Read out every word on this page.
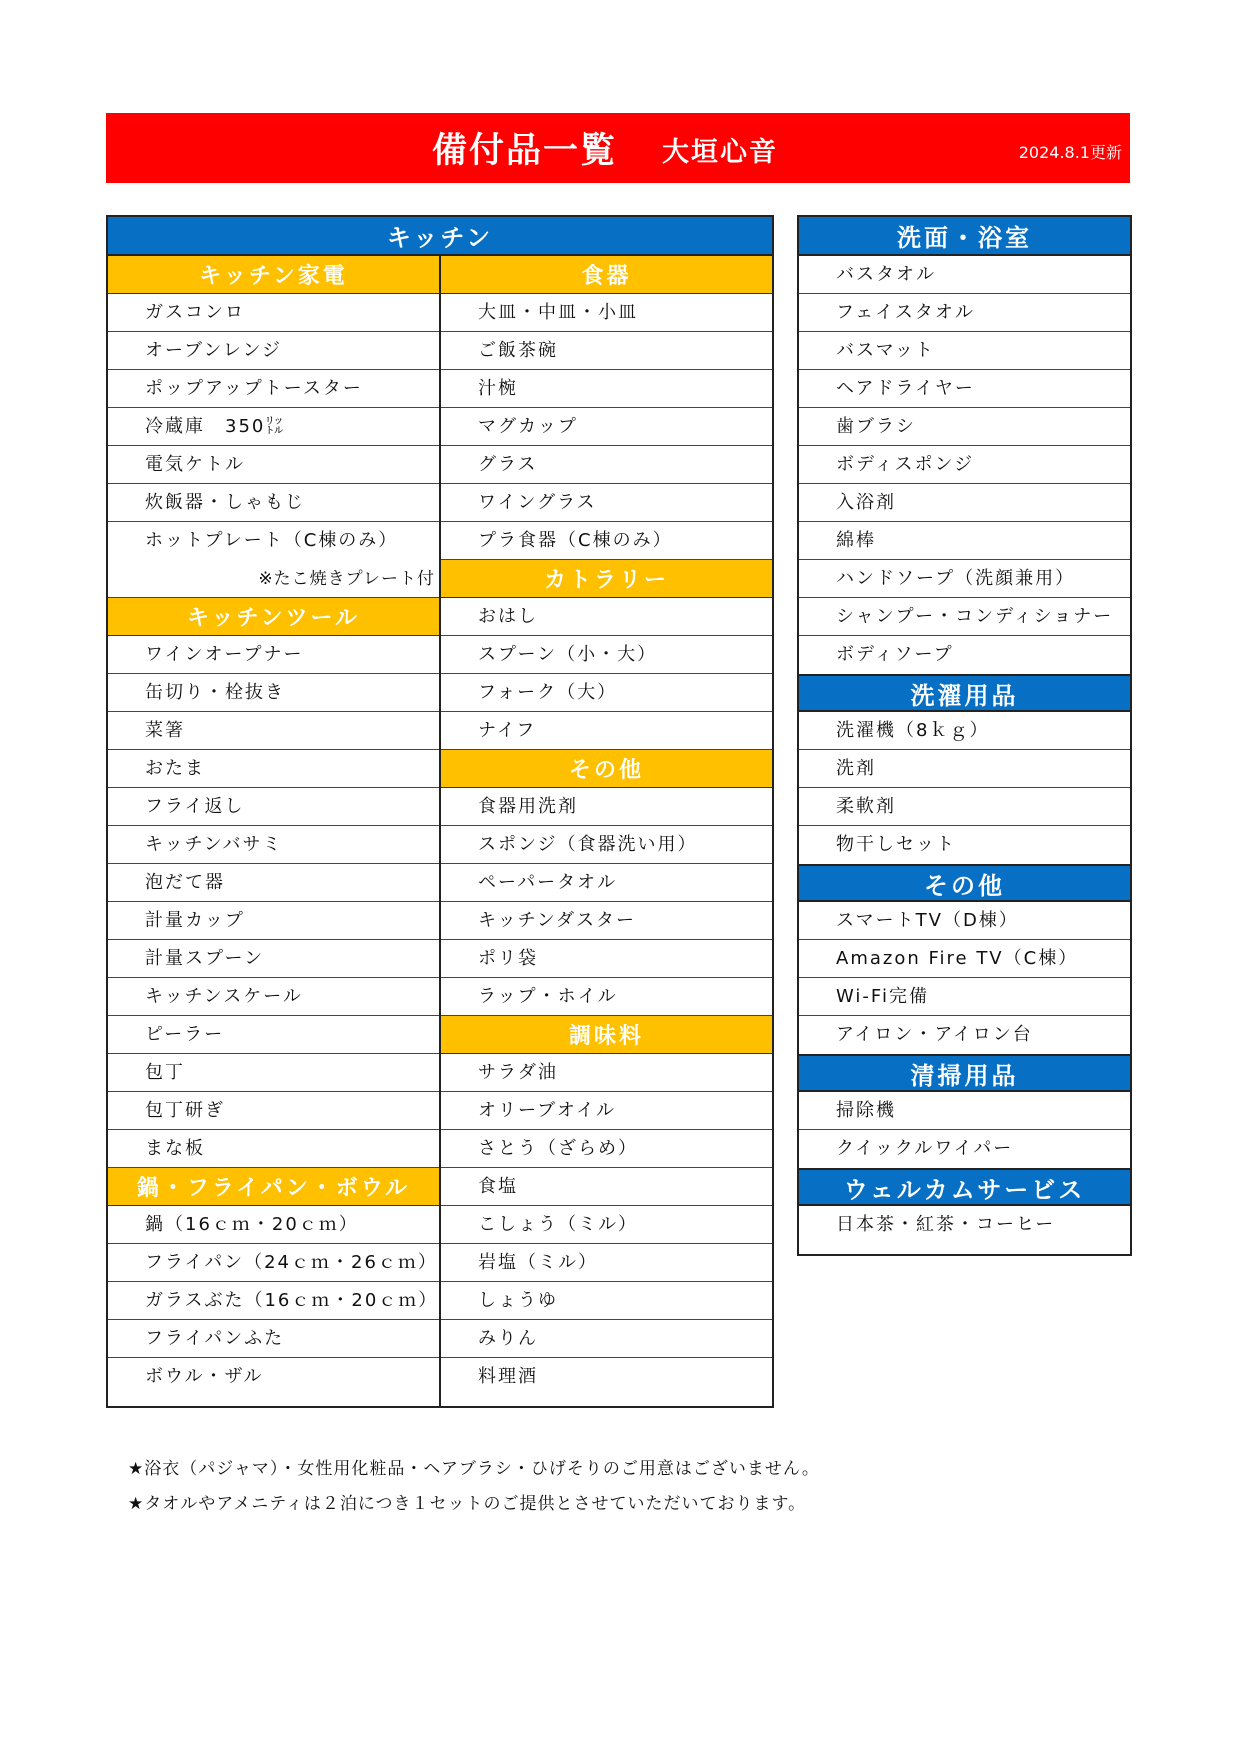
備付品一覧 大垣心音	2024.8.1更新
キッチン
キッチン家電
ガスコンロ
オーブンレンジ
ポップアップトースター
冷蔵庫　350㍑
電気ケトル
炊飯器・しゃもじ
ホットプレート（C棟のみ）
※たこ焼きプレート付
キッチンツール
ワインオープナー
缶切り・栓抜き
菜箸
おたま
フライ返し
キッチンバサミ
泡だて器
計量カップ
計量スプーン
キッチンスケール
ピーラー
包丁
包丁研ぎ
まな板
鍋・フライパン・ボウル
鍋（16ｃｍ・20ｃｍ）
フライパン（24ｃｍ・26ｃｍ）
ガラスぶた（16ｃｍ・20ｃｍ）
フライパンふた
ボウル・ザル
食器
大皿・中皿・小皿
ご飯茶碗
汁椀
マグカップ
グラス
ワイングラス
プラ食器（C棟のみ）
カトラリー
おはし
スプーン（小・大）
フォーク（大）
ナイフ
その他
食器用洗剤
スポンジ（食器洗い用）
ペーパータオル
キッチンダスター
ポリ袋
ラップ・ホイル
調味料
サラダ油
オリーブオイル
さとう（ざらめ）
食塩
こしょう（ミル）
岩塩（ミル）
しょうゆ
みりん
料理酒
洗面・浴室
バスタオル
フェイスタオル
バスマット
ヘアドライヤー
歯ブラシ
ボディスポンジ
入浴剤
綿棒
ハンドソープ（洗顔兼用）
シャンプー・コンディショナー
ボディソープ
洗濯用品
洗濯機（8ｋｇ）
洗剤
柔軟剤
物干しセット
その他
スマートTV（D棟）
Amazon Fire TV（C棟）
Wi-Fi完備
アイロン・アイロン台
清掃用品
掃除機
クイックルワイパー
ウェルカムサービス
日本茶・紅茶・コーヒー
★浴衣（パジャマ）・女性用化粧品・ヘアブラシ・ひげそりのご用意はございません。
★タオルやアメニティは２泊につき１セットのご提供とさせていただいております。
